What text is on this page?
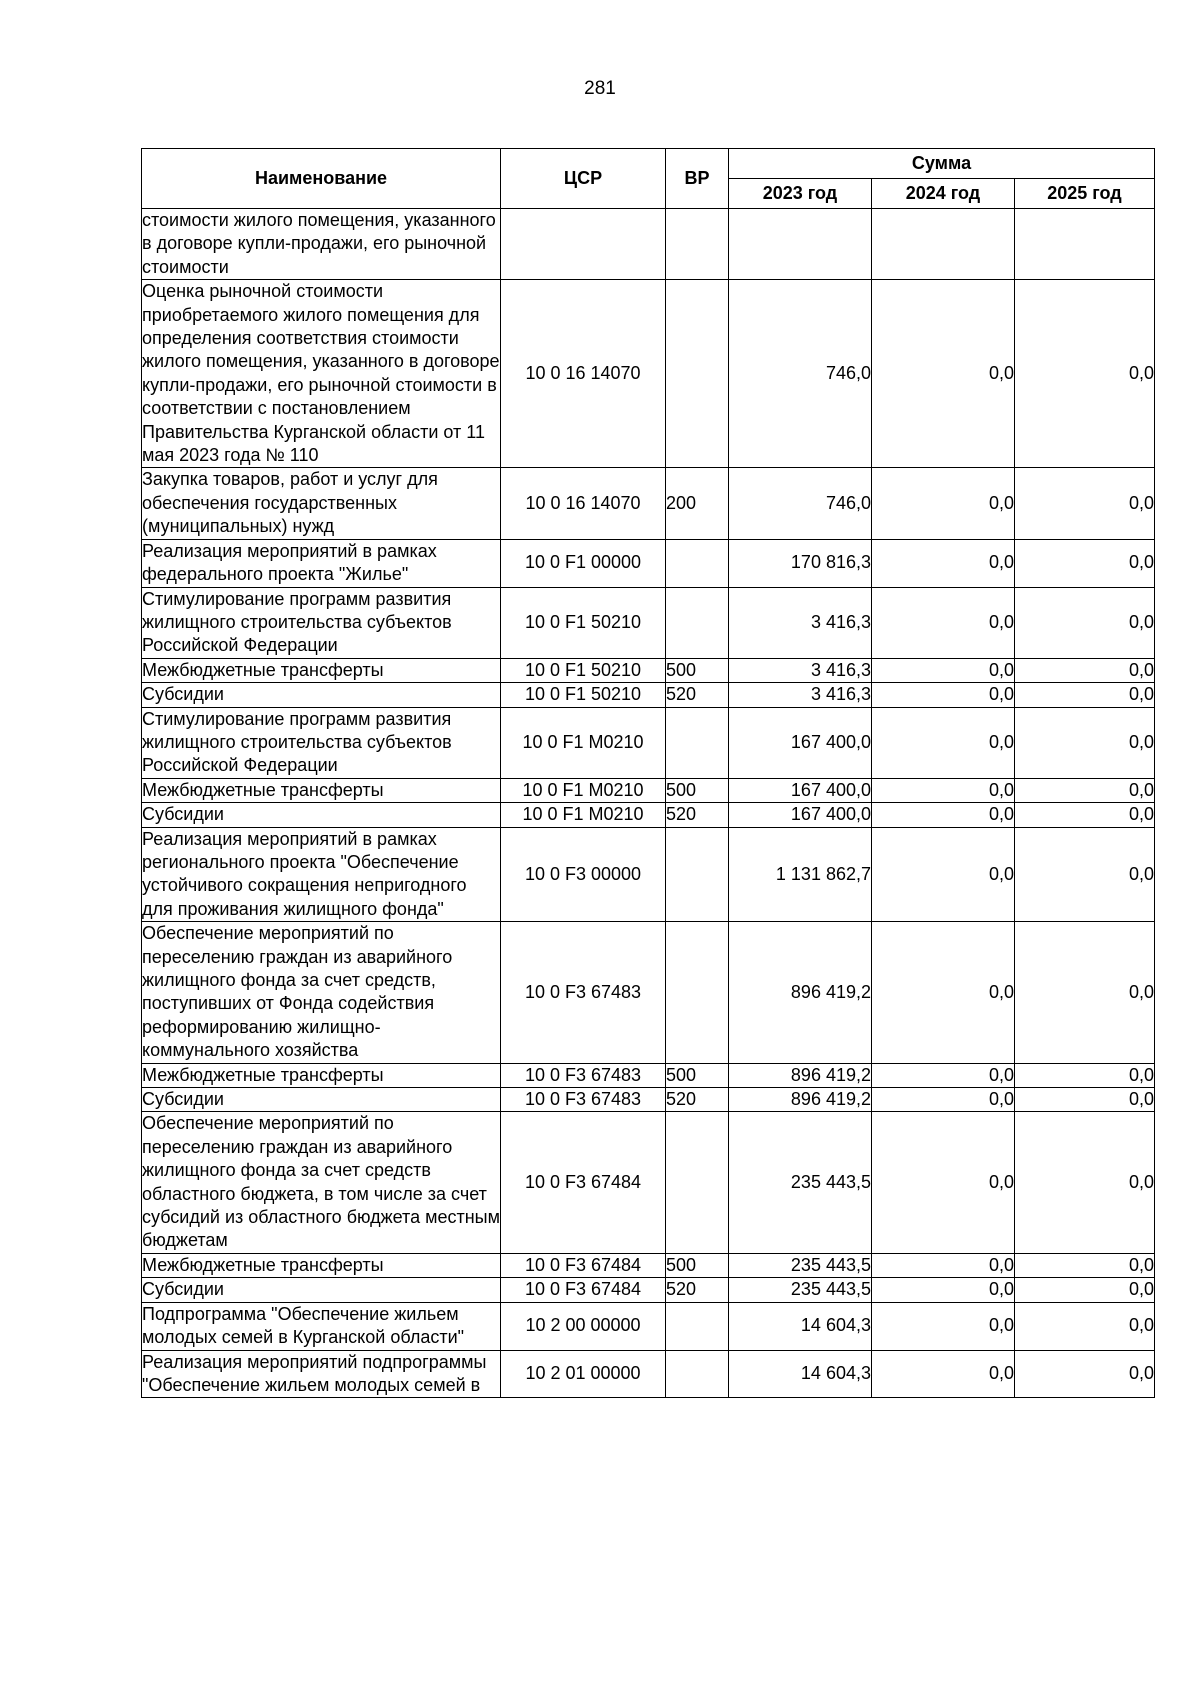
281
Наименование	ЦСР	ВР	Сумма		
			2023 год	2024 год	2025 год
стоимости жилого помещения, указанного в договоре купли-продажи, его рыночной стоимости					
Оценка рыночной стоимости приобретаемого жилого помещения для определения соответствия стоимости жилого помещения, указанного в договоре купли-продажи, его рыночной стоимости в соответствии с постановлением Правительства Курганской области от 11 мая 2023 года № 110	10 0 16 14070		746,0	0,0	0,0
Закупка товаров, работ и услуг для обеспечения государственных (муниципальных) нужд	10 0 16 14070	200	746,0	0,0	0,0
Реализация мероприятий в рамках федерального проекта "Жилье"	10 0 F1 00000		170 816,3	0,0	0,0
Стимулирование программ развития жилищного строительства субъектов Российской Федерации	10 0 F1 50210		3 416,3	0,0	0,0
Межбюджетные трансферты	10 0 F1 50210	500	3 416,3	0,0	0,0
Субсидии	10 0 F1 50210	520	3 416,3	0,0	0,0
Стимулирование программ развития жилищного строительства субъектов Российской Федерации	10 0 F1 M0210		167 400,0	0,0	0,0
Межбюджетные трансферты	10 0 F1 M0210	500	167 400,0	0,0	0,0
Субсидии	10 0 F1 M0210	520	167 400,0	0,0	0,0
Реализация мероприятий в рамках регионального проекта "Обеспечение устойчивого сокращения непригодного для проживания жилищного фонда"	10 0 F3 00000		1 131 862,7	0,0	0,0
Обеспечение мероприятий по переселению граждан из аварийного жилищного фонда за счет средств, поступивших от Фонда содействия реформированию жилищно-коммунального хозяйства	10 0 F3 67483		896 419,2	0,0	0,0
Межбюджетные трансферты	10 0 F3 67483	500	896 419,2	0,0	0,0
Субсидии	10 0 F3 67483	520	896 419,2	0,0	0,0
Обеспечение мероприятий по переселению граждан из аварийного жилищного фонда за счет средств областного бюджета, в том числе за счет субсидий из областного бюджета местным бюджетам	10 0 F3 67484		235 443,5	0,0	0,0
Межбюджетные трансферты	10 0 F3 67484	500	235 443,5	0,0	0,0
Субсидии	10 0 F3 67484	520	235 443,5	0,0	0,0
Подпрограмма "Обеспечение жильем молодых семей в Курганской области"	10 2 00 00000		14 604,3	0,0	0,0
Реализация мероприятий подпрограммы "Обеспечение жильем молодых семей в	10 2 01 00000		14 604,3	0,0	0,0
